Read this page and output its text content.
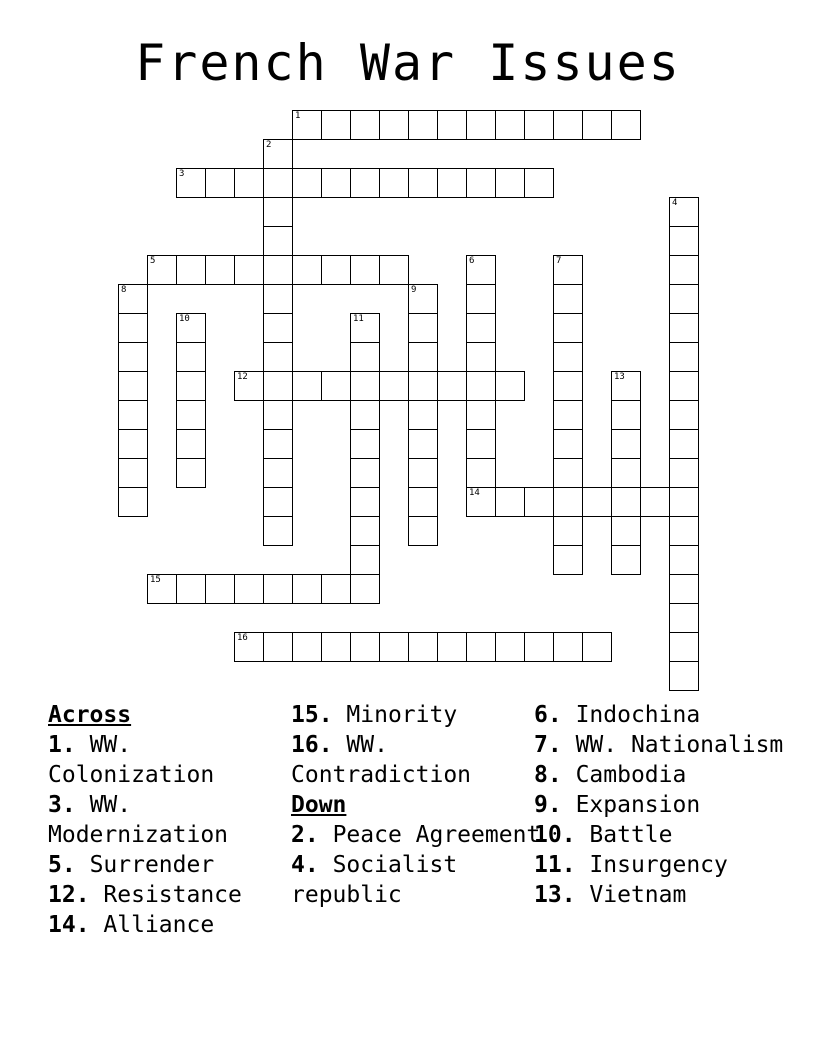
French War Issues
1
2
3
4
5	6
14
7
8	9
10	11
12	13
15
16
Across
1. WW. Colonization
3. WW. Modernization
5. Surrender
12. Resistance
14. Alliance
15. Minority
16. WW. Contradiction
Down
2. Peace Agreement
4. Socialist republic
6. Indochina
7. WW. Nationalism
8. Cambodia
9. Expansion
10. Battle
11. Insurgency
13. Vietnam
